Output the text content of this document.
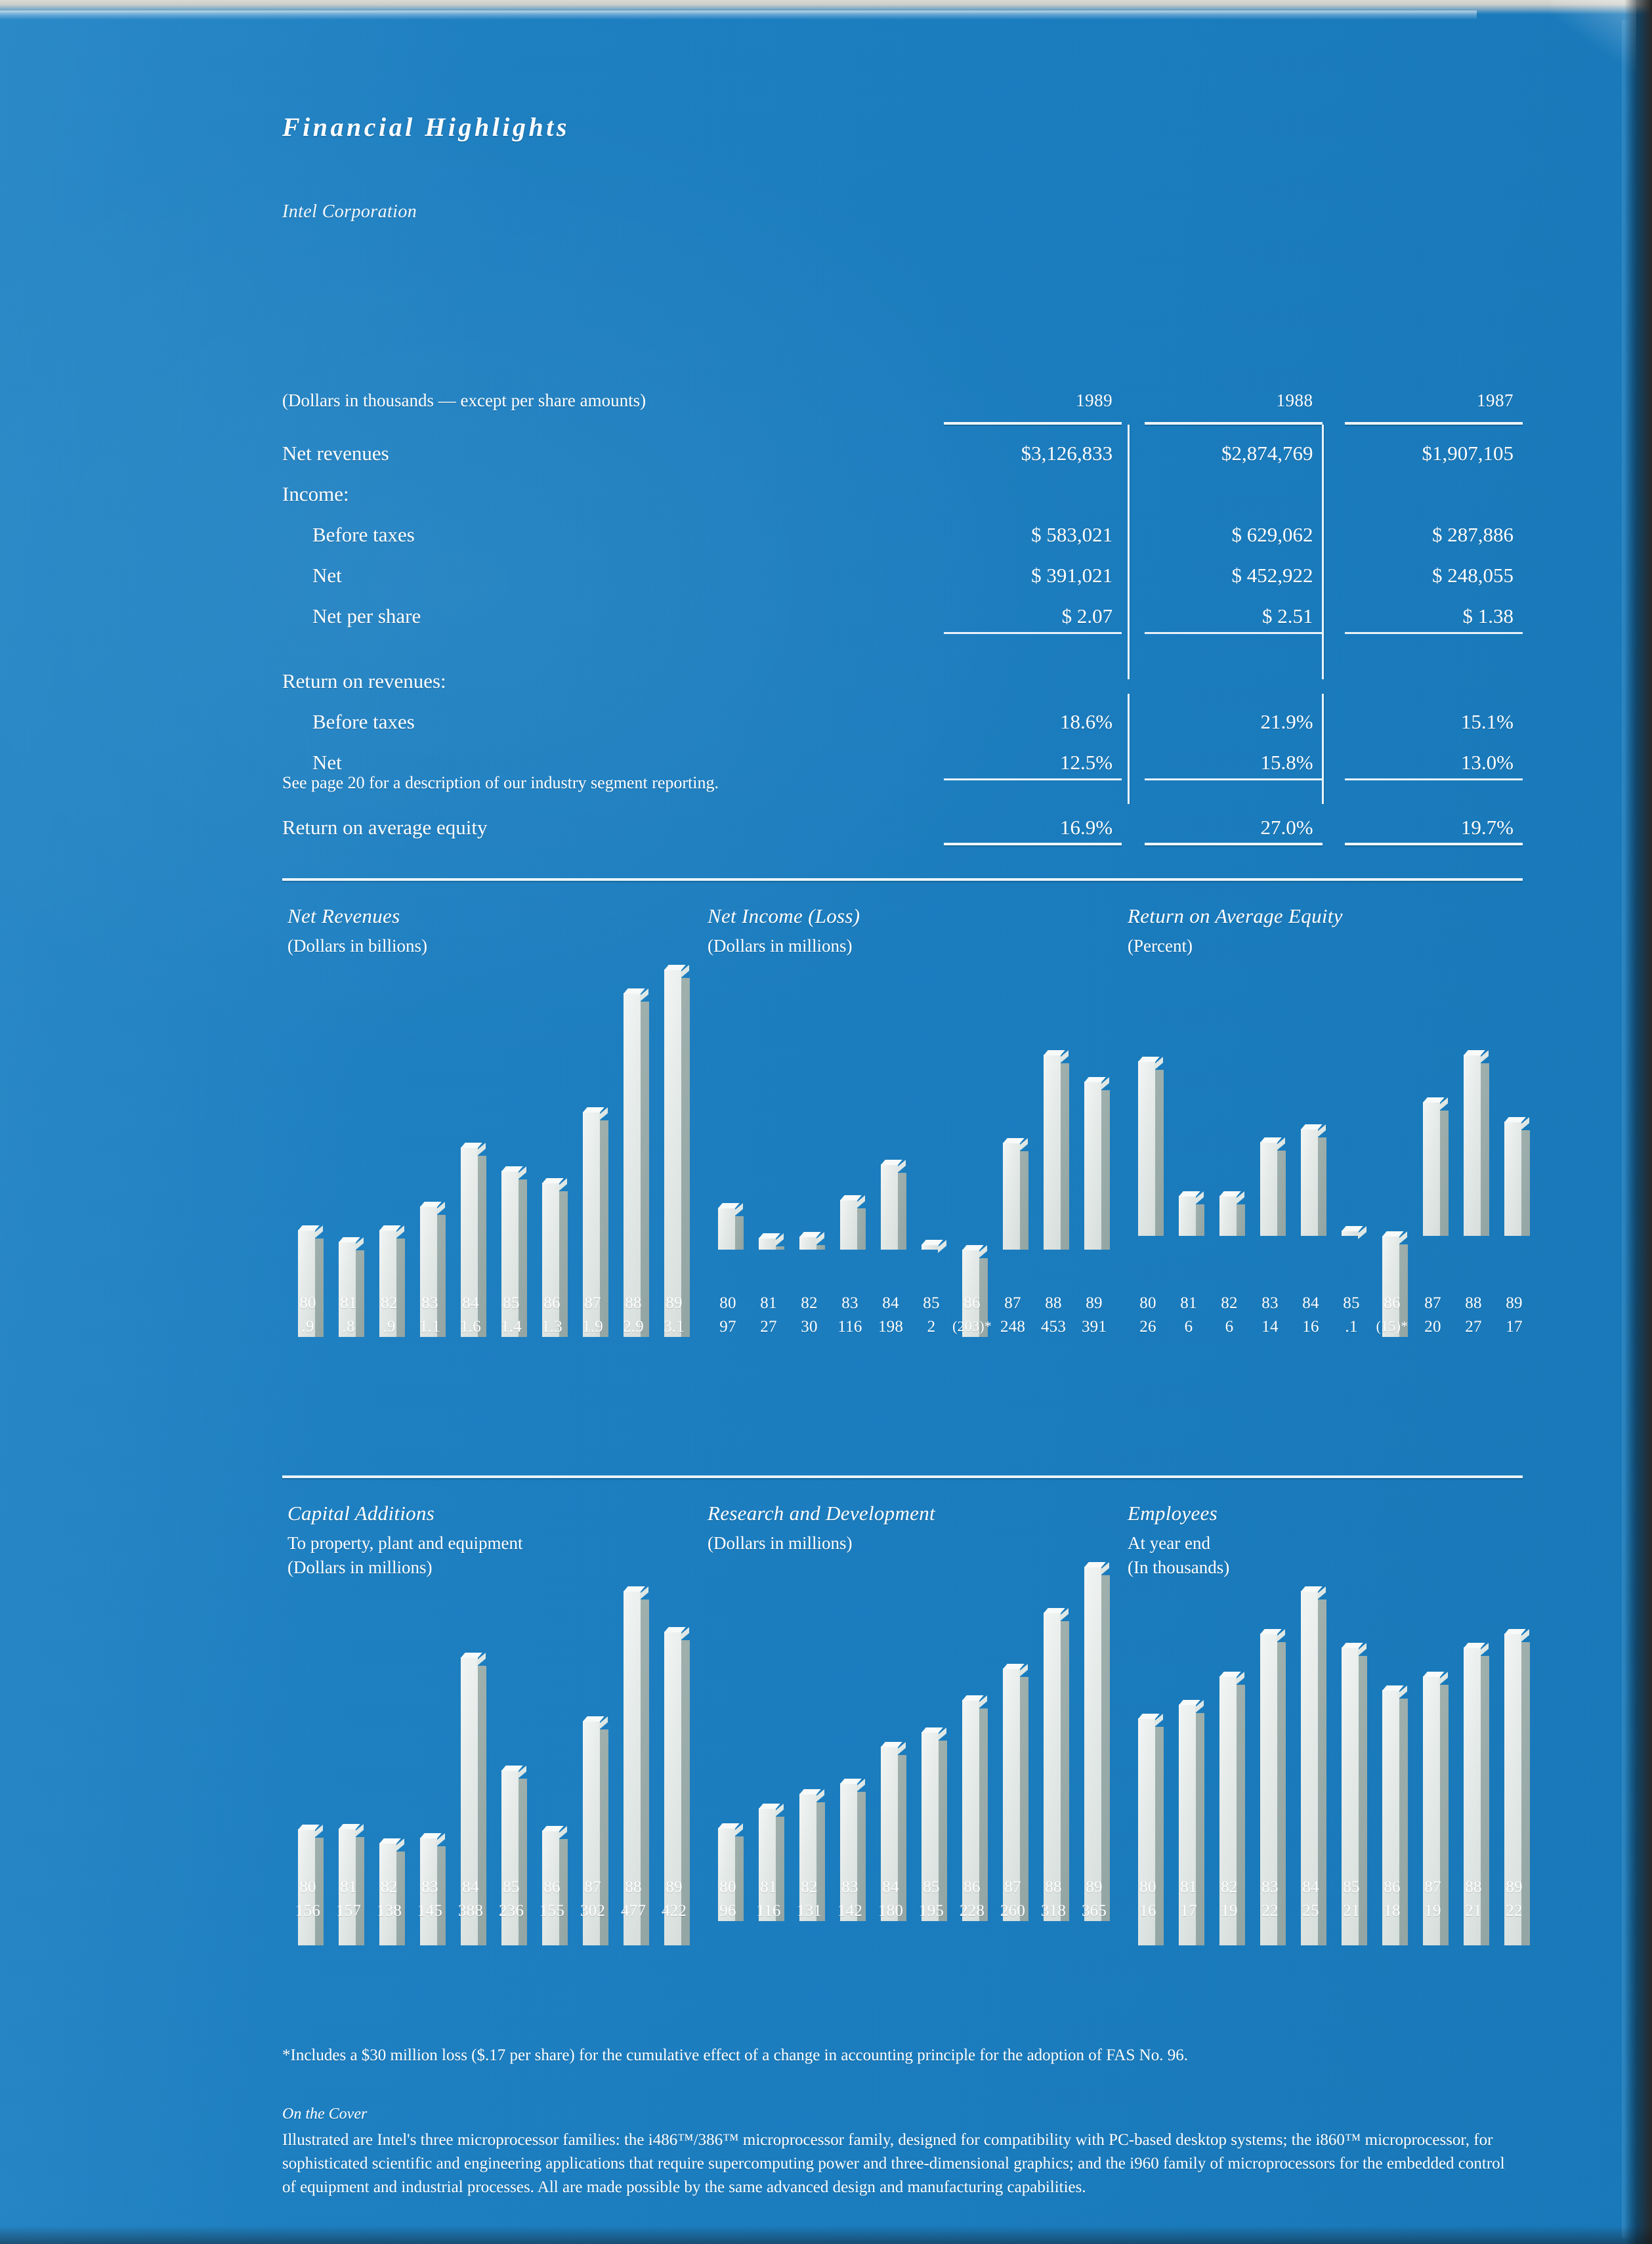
Financial Highlights
Intel Corporation
(Dollars in thousands — except per share amounts)	1989		1988		1987

Net revenues	$3,126,833		$2,874,769		$1,907,105
Income:					
Before taxes	$ 583,021		$ 629,062		$ 287,886
Net	$ 391,021		$ 452,922		$ 248,055
Net per share	$ 2.07		$ 2.51		$ 1.38

Return on revenues:					
Before taxes	18.6%		21.9%		15.1%
Net	12.5%		15.8%		13.0%

Return on average equity	16.9%		27.0%		19.7%

See page 20 for a description of our industry segment reporting.
Net Revenues
(Dollars in billions)
80
.9
81
.8
82
.9
83
1.1
84
1.6
85
1.4
86
1.3
87
1.9
88
2.9
89
3.1
Net Income (Loss)
(Dollars in millions)
80
97
81
27
82
30
83
116
84
198
85
2
86
(203)*
87
248
88
453
89
391
Return on Average Equity
(Percent)
80
26
81
6
82
6
83
14
84
16
85
.1
86
(15)*
87
20
88
27
89
17
Capital Additions
To property, plant and equipment
(Dollars in millions)
80
156
81
157
82
138
83
145
84
388
85
236
86
155
87
302
88
477
89
422
Research and Development
(Dollars in millions)
80
96
81
116
82
131
83
142
84
180
85
195
86
228
87
260
88
318
89
365
Employees
At year end
(In thousands)
80
16
81
17
82
19
83
22
84
25
85
21
86
18
87
19
88
21
89
22
*Includes a $30 million loss ($.17 per share) for the cumulative effect of a change in accounting principle for the adoption of FAS No. 96.
On the Cover
Illustrated are Intel's three microprocessor families: the i486™/386™ microprocessor family, designed for compatibility with PC-based desktop systems; the i860™ microprocessor, for sophisticated scientific and engineering applications that require supercomputing power and three-dimensional graphics; and the i960 family of microprocessors for the embedded control of equipment and industrial processes. All are made possible by the same advanced design and manufacturing capabilities.
